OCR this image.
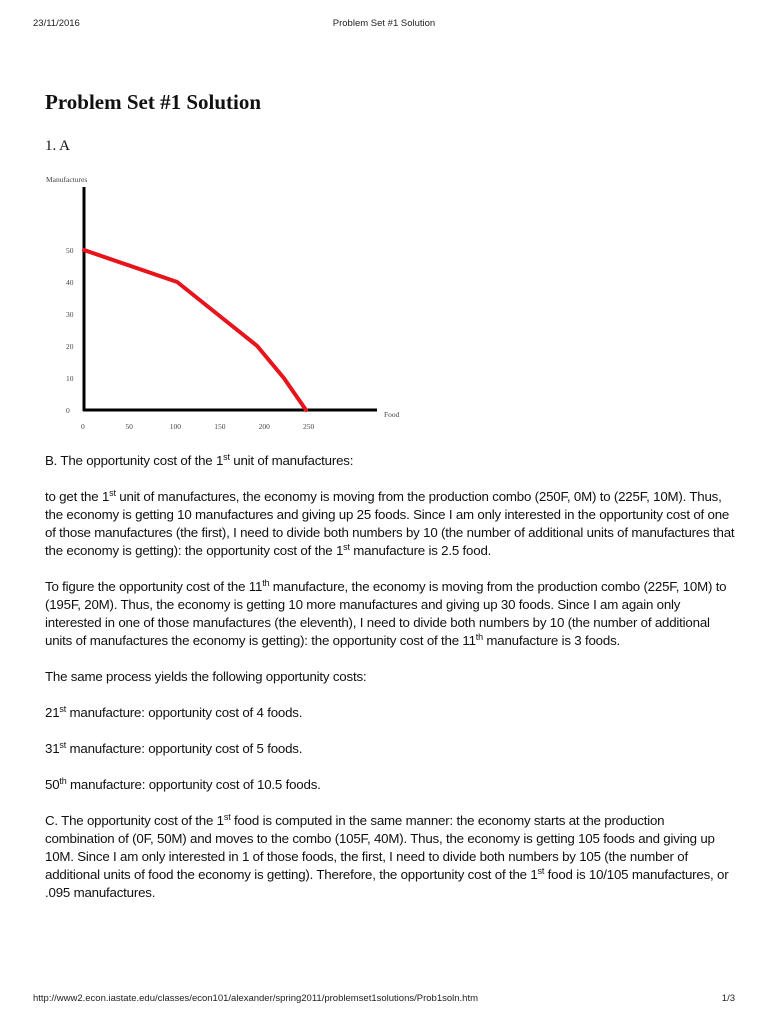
23/11/2016	Problem Set #1 Solution
Problem Set #1 Solution

1. A

Manufactures
Food
0
10
20
30
40
50
0	50	100	150	200	250

B. The opportunity cost of the 1st unit of manufactures:

to get the 1st unit of manufactures, the economy is moving from the production combo (250F, 0M) to (225F, 10M). Thus, the economy is getting 10 manufactures and giving up 25 foods. Since I am only interested in the opportunity cost of one of those manufactures (the first), I need to divide both numbers by 10 (the number of additional units of manufactures that the economy is getting): the opportunity cost of the 1st manufacture is 2.5 food.

To figure the opportunity cost of the 11th manufacture, the economy is moving from the production combo (225F, 10M) to (195F, 20M). Thus, the economy is getting 10 more manufactures and giving up 30 foods. Since I am again only interested in one of those manufactures (the eleventh), I need to divide both numbers by 10 (the number of additional units of manufactures the economy is getting): the opportunity cost of the 11th manufacture is 3 foods.

The same process yields the following opportunity costs:

21st manufacture: opportunity cost of 4 foods.

31st manufacture: opportunity cost of 5 foods.

50th manufacture: opportunity cost of 10.5 foods.

C. The opportunity cost of the 1st food is computed in the same manner: the economy starts at the production combination of (0F, 50M) and moves to the combo (105F, 40M). Thus, the economy is getting 105 foods and giving up 10M. Since I am only interested in 1 of those foods, the first, I need to divide both numbers by 105 (the number of additional units of food the economy is getting). Therefore, the opportunity cost of the 1st food is 10/105 manufactures, or .095 manufactures.

http://www2.econ.iastate.edu/classes/econ101/alexander/spring2011/problemset1solutions/Prob1soln.htm	1/3
